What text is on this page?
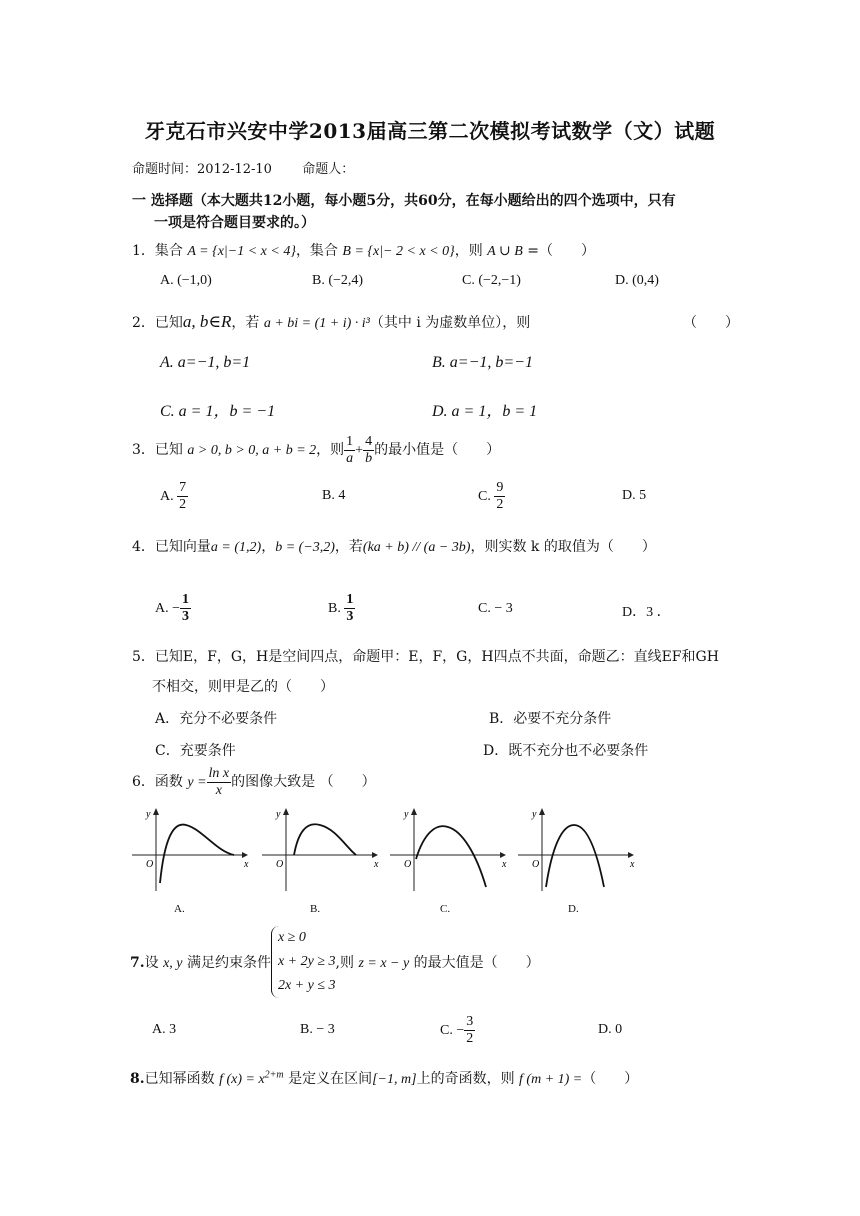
牙克石市兴安中学2013届高三第二次模拟考试数学（文）试题
命题时间：2012-12-10 命题人：
一 选择题（本大题共12小题，每小题5分，共60分，在每小题给出的四个选项中，只有
一项是符合题目要求的。）
1．集合 A = {x|−1 < x < 4}，集合 B = {x|− 2 < x < 0}，则 A ∪ B =（　　）
A. (−1,0)	B. (−2,4)	C. (−2,−1)	D. (0,4)
2．已知a, b∈R，若 a + bi = (1 + i) · i³（其中 i 为虚数单位），则	（　　）
A. a=−1, b=1	B. a=−1, b=−1
C. a = 1，b = −1	D. a = 1，b = 1
3．已知 a > 0, b > 0, a + b = 2，则 $\frac{1}{a} + \frac{4}{b}$ 的最小值是（　　）
A. $\frac{7}{2}$	B. 4	C. $\frac{9}{2}$	D. 5
4．已知向量a = (1,2)，b = (−3,2)，若(ka + b) // (a − 3b)，则实数 k 的取值为（　　）
A. − $\frac{1}{3}$	B. $\frac{1}{3}$	C. − 3	D．3 ．
5．已知E，F，G，H是空间四点，命题甲：E，F，G，H四点不共面，命题乙：直线EF和GH
不相交，则甲是乙的（　　）
A．充分不必要条件	B．必要不充分条件
C．充要条件	D．既不充分也不必要条件
6．函数 $y = \frac{\text{ln x}}{x}$ 的图像大致是 （　　）
y
x
O
y
x
O
y
x
O
y
x
O
A.	B.	C.	D.
7.设 x, y 满足约束条件
x ≥ 0
x + 2y ≥ 3
2x + y ≤ 3
,则 z = x − y 的最大值是（　　）
A. 3	B. − 3	C. − $\frac{3}{2}$	D. 0
8.已知幂函数 f $(x) = x^{2+m}$ 是定义在区间[−1, m]上的奇函数，则 f (m + 1) =（　　）
